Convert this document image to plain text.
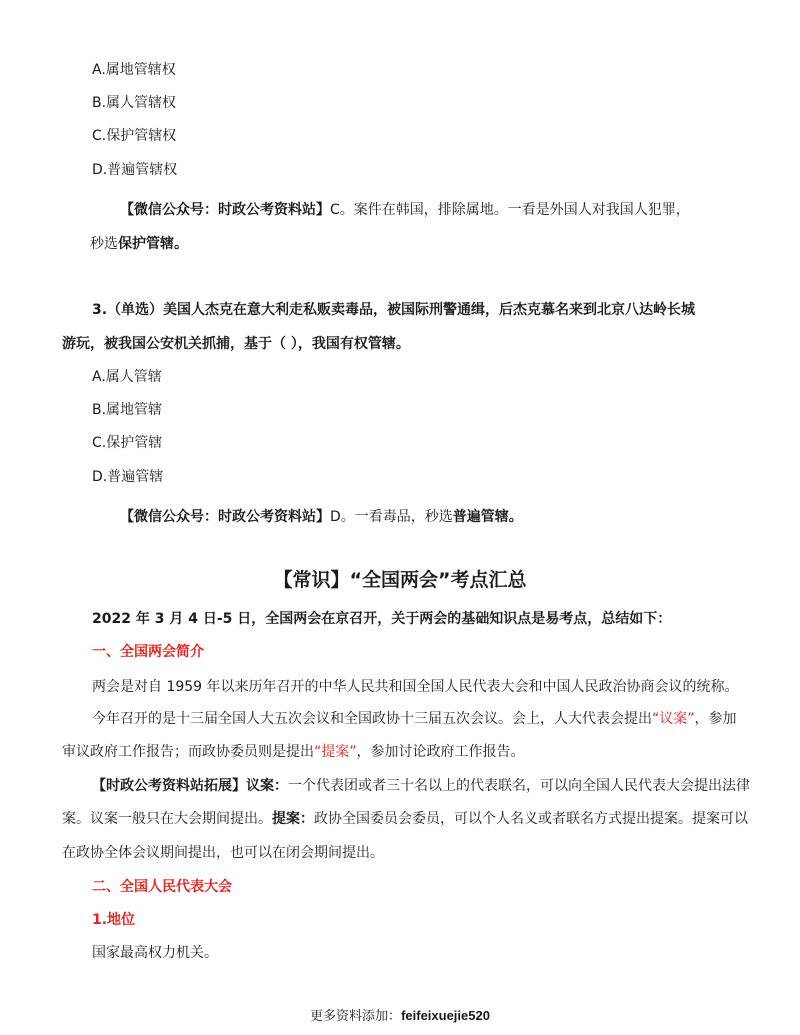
A.属地管辖权
B.属人管辖权
C.保护管辖权
D.普遍管辖权
【微信公众号：时政公考资料站】C。案件在韩国，排除属地。一看是外国人对我国人犯罪，
秒选保护管辖。
3.（单选）美国人杰克在意大利走私贩卖毒品，被国际刑警通缉，后杰克慕名来到北京八达岭长城
游玩，被我国公安机关抓捕，基于（ ），我国有权管辖。
A.属人管辖
B.属地管辖
C.保护管辖
D.普遍管辖
【微信公众号：时政公考资料站】D。一看毒品，秒选普遍管辖。
【常识】“全国两会”考点汇总
2022 年 3 月 4 日-5 日，全国两会在京召开，关于两会的基础知识点是易考点，总结如下：
一、全国两会简介
两会是对自 1959 年以来历年召开的中华人民共和国全国人民代表大会和中国人民政治协商会议的统称。
今年召开的是十三届全国人大五次会议和全国政协十三届五次会议。会上，人大代表会提出“议案”，参加
审议政府工作报告；而政协委员则是提出“提案”，参加讨论政府工作报告。
【时政公考资料站拓展】议案：一个代表团或者三十名以上的代表联名，可以向全国人民代表大会提出法律
案。议案一般只在大会期间提出。提案：政协全国委员会委员，可以个人名义或者联名方式提出提案。提案可以
在政协全体会议期间提出，也可以在闭会期间提出。
二、全国人民代表大会
1.地位
国家最高权力机关。
更多资料添加：feifeixuejie520
